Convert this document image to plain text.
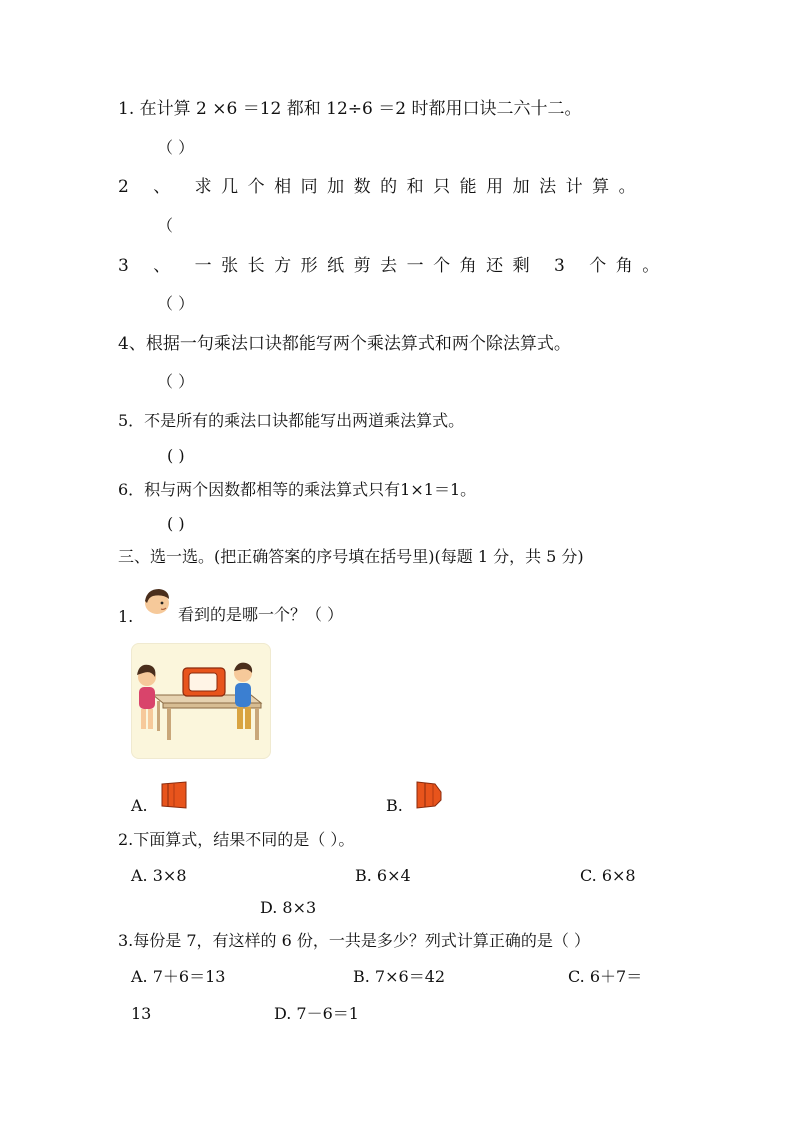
1. 在计算 2 ×6 ＝12 都和 12÷6 ＝2 时都用口诀二六十二。
（ ）
2 、 求几个相同加数的和只能用加法计算。
（
3 、 一张长方形纸剪去一个角还剩 3 个角。
（ ）
4、根据一句乘法口诀都能写两个乘法算式和两个除法算式。
（ ）
5．不是所有的乘法口诀都能写出两道乘法算式。
( )
6．积与两个因数都相等的乘法算式只有1×1＝1。
( )
三、选一选。(把正确答案的序号填在括号里)(每题 1 分，共 5 分)
1.	看到的是哪一个？（ ）
A.	B.
2.下面算式，结果不同的是（ ）。
A. 3×8	B. 6×4	C. 6×8
D. 8×3
3.每份是 7，有这样的 6 份，一共是多少？列式计算正确的是（ ）
A. 7＋6＝13	B. 7×6＝42	C. 6＋7＝
13	D. 7－6＝1
